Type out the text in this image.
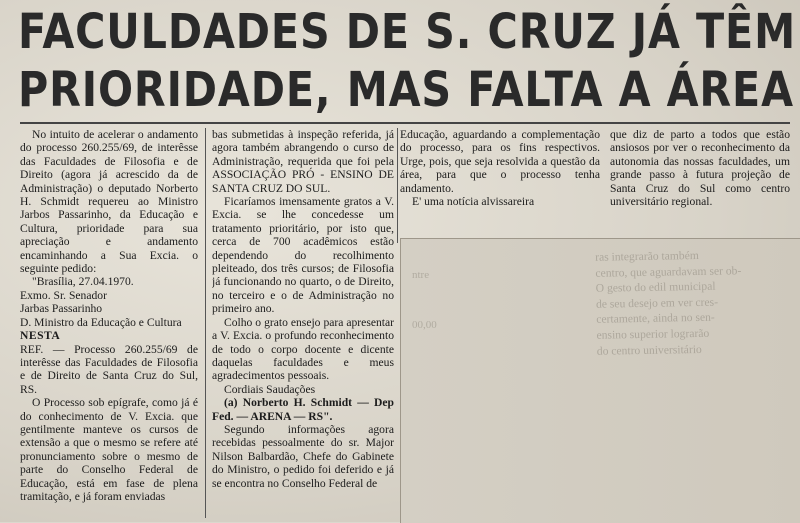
FACULDADES DE S. CRUZ JÁ TÊM
PRIORIDADE, MAS FALTA A ÁREA

No intuito de acelerar o andamento do processo 260.255/69, de interêsse das Faculdades de Filosofia e de Direito (agora já acrescido da de Administração) o deputado Norberto H. Schmidt requereu ao Ministro Jarbos Passarinho, da Educação e Cultura, prioridade para sua apreciação e andamento encaminhando a Sua Excia. o seguinte pedido:

"Brasília, 27.04.1970.

Exmo. Sr. Senador

Jarbas Passarinho

D. Ministro da Educação e Cultura

NESTA

REF. — Processo 260.255/69 de interêsse das Faculdades de Filosofia e de Direito de Santa Cruz do Sul, RS.

O Processo sob epígrafe, como já é do conhecimento de V. Excia. que gentilmente manteve os cursos de extensão a que o mesmo se refere até pronunciamento sobre o mesmo de parte do Conselho Federal de Educação, está em fase de plena tramitação, e já foram enviadas

bas submetidas à inspeção referida, já agora também abrangendo o curso de Administração, requerida que foi pela ASSOCIAÇÃO PRÓ - ENSINO DE SANTA CRUZ DO SUL.

Ficaríamos imensamente gratos a V. Excia. se lhe concedesse um tratamento prioritário, por isto que, cerca de 700 acadêmicos estão dependendo do recolhimento pleiteado, dos três cursos; de Filosofia já funcionando no quarto, o de Direito, no terceiro e o de Administração no primeiro ano.

Colho o grato ensejo para apresentar a V. Excia. o profundo reconhecimento de todo o corpo docente e dicente daquelas faculdades e meus agradecimentos pessoais.

Cordiais Saudações

(a) Norberto H. Schmidt — Dep Fed. — ARENA — RS".

Segundo informações agora recebidas pessoalmente do sr. Major Nilson Balbardão, Chefe do Gabinete do Ministro, o pedido foi deferido e já se encontra no Conselho Federal de

Educação, aguardando a complementação do processo, para os fins respectivos. Urge, pois, que seja resolvida a questão da área, para que o processo tenha andamento.

E' uma notícia alvissareira

que diz de parto a todos que estão ansiosos por ver o reconhecimento da autonomia das nossas faculdades, um grande passo à futura projeção de Santa Cruz do Sul como centro universitário regional.

ras integrarão também

centro, que aguardavam ser ob-

O gesto do edil municipal

de seu desejo em ver cres-

certamente, ainda no sen-

ensino superior lograrão

do centro universitário

ntre

00,00
